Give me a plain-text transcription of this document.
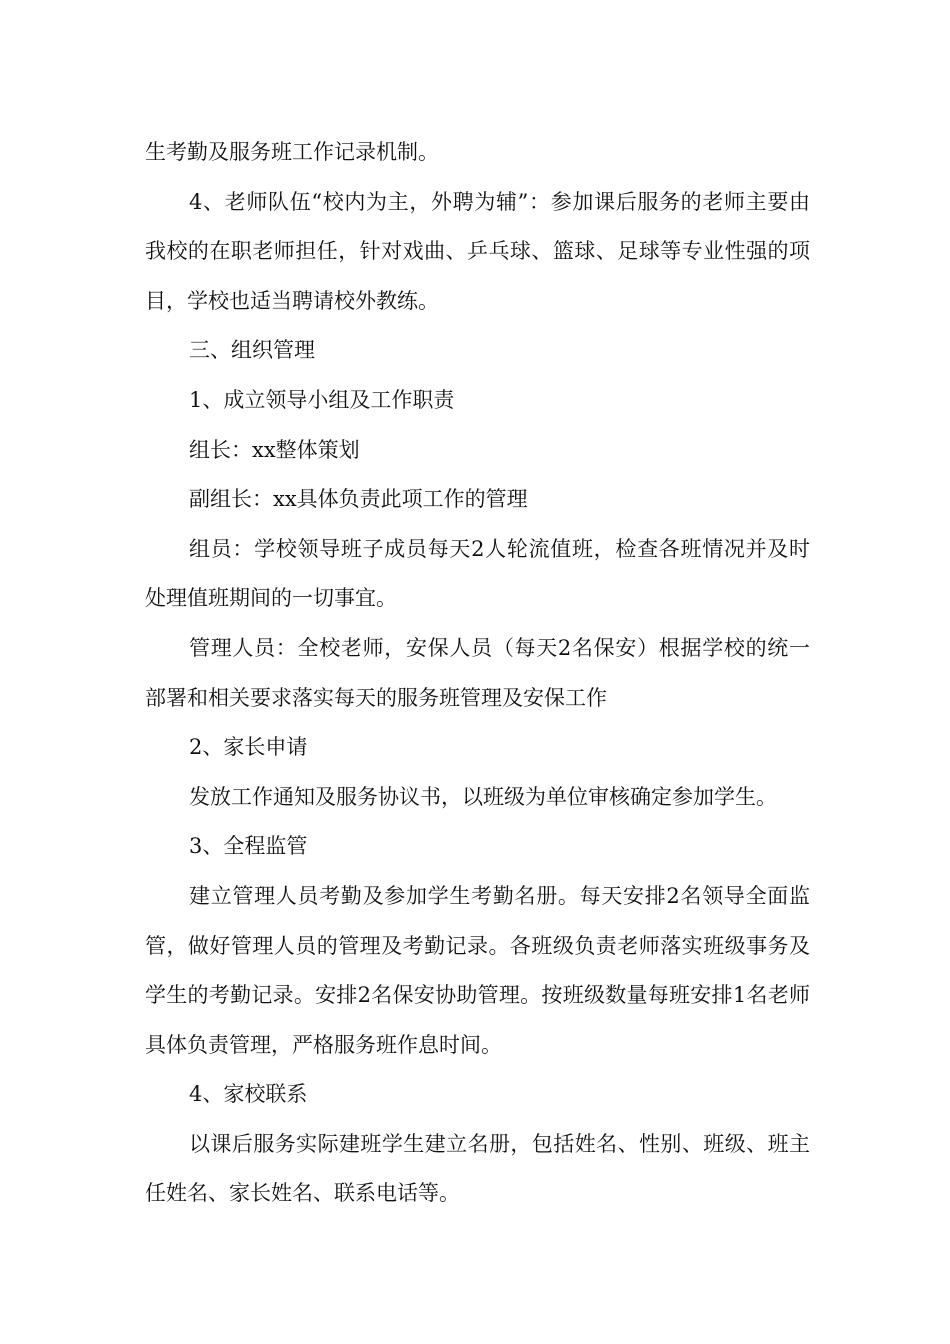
生考勤及服务班工作记录机制。

4、老师队伍“校内为主，外聘为辅”：参加课后服务的老师主要由我校的在职老师担任，针对戏曲、乒乓球、篮球、足球等专业性强的项目，学校也适当聘请校外教练。

三、组织管理

1、成立领导小组及工作职责

组长：xx整体策划

副组长：xx具体负责此项工作的管理

组员：学校领导班子成员每天2人轮流值班，检查各班情况并及时处理值班期间的一切事宜。

管理人员：全校老师，安保人员（每天2名保安）根据学校的统一部署和相关要求落实每天的服务班管理及安保工作

2、家长申请

发放工作通知及服务协议书，以班级为单位审核确定参加学生。

3、全程监管

建立管理人员考勤及参加学生考勤名册。每天安排2名领导全面监管，做好管理人员的管理及考勤记录。各班级负责老师落实班级事务及学生的考勤记录。安排2名保安协助管理。按班级数量每班安排1名老师具体负责管理，严格服务班作息时间。

4、家校联系

以课后服务实际建班学生建立名册，包括姓名、性别、班级、班主任姓名、家长姓名、联系电话等。
